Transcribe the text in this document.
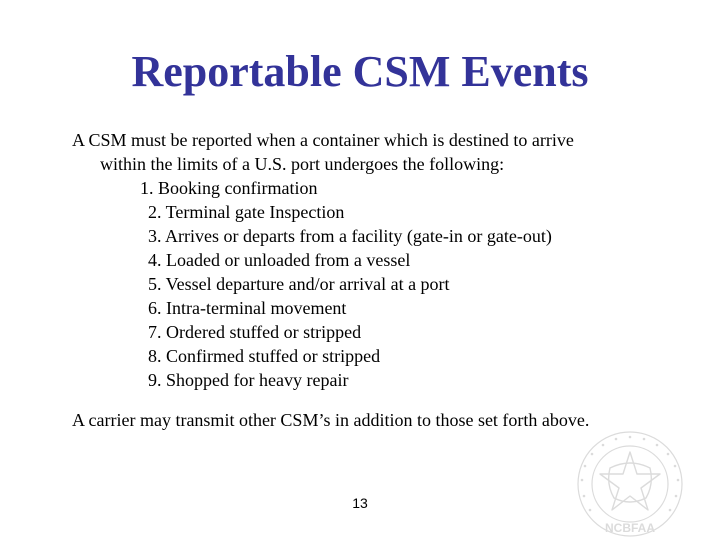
Reportable CSM Events
A CSM must be reported when a container which is destined to arrive
within the limits of a U.S. port undergoes the following:
1. Booking confirmation
2. Terminal gate Inspection
3. Arrives or departs from a facility (gate-in or gate-out)
4. Loaded or unloaded from a vessel
5. Vessel departure and/or arrival at a port
6. Intra-terminal movement
7. Ordered stuffed or stripped
8. Confirmed stuffed or stripped
9. Shopped for heavy repair
A carrier may transmit other CSM’s in addition to those set forth above.
13
NCBFAA
